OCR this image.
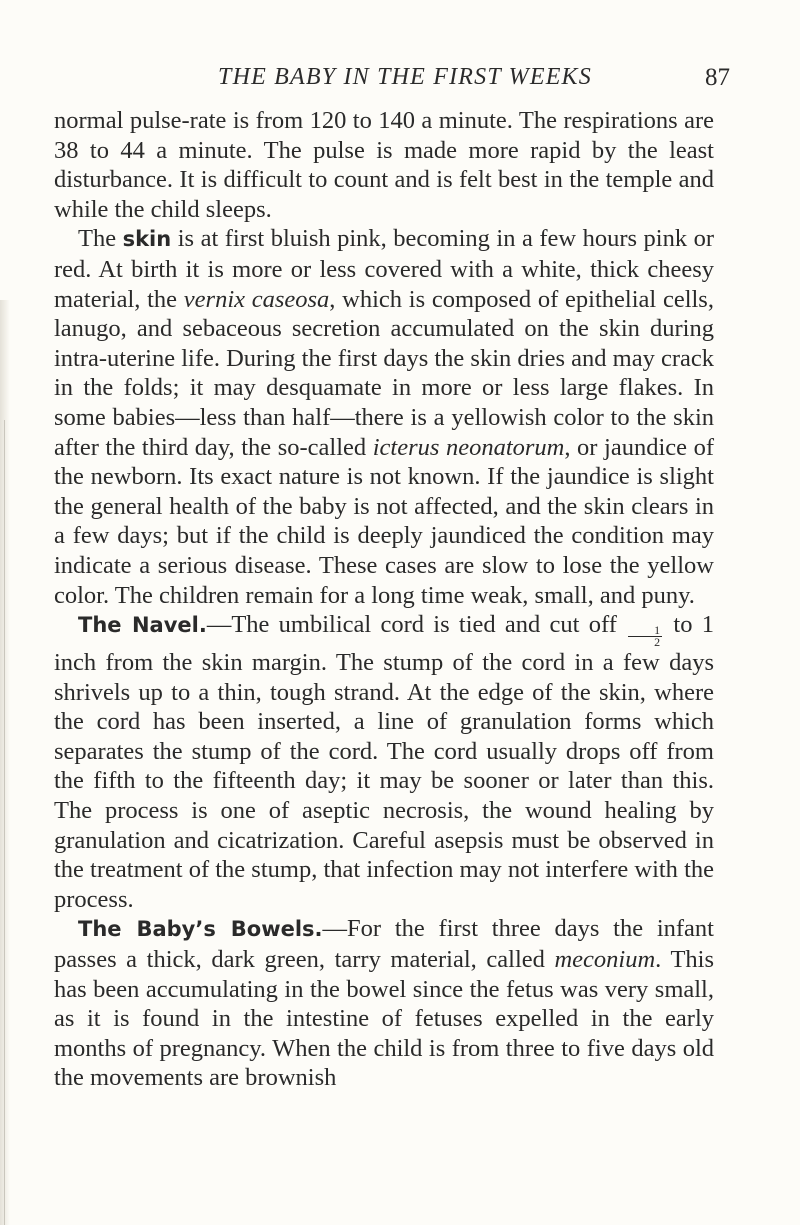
THE BABY IN THE FIRST WEEKS	87

normal pulse-rate is from 120 to 140 a minute. The respirations are 38 to 44 a minute. The pulse is made more rapid by the least disturbance. It is difficult to count and is felt best in the temple and while the child sleeps.

The skin is at first bluish pink, becoming in a few hours pink or red. At birth it is more or less covered with a white, thick cheesy material, the vernix caseosa, which is composed of epithelial cells, lanugo, and sebaceous secretion accumulated on the skin during intra-uterine life. During the first days the skin dries and may crack in the folds; it may desquamate in more or less large flakes. In some babies—less than half—there is a yellowish color to the skin after the third day, the so-called icterus neonatorum, or jaundice of the newborn. Its exact nature is not known. If the jaundice is slight the general health of the baby is not affected, and the skin clears in a few days; but if the child is deeply jaundiced the condition may indicate a serious disease. These cases are slow to lose the yellow color. The children remain for a long time weak, small, and puny.

The Navel.—The umbilical cord is tied and cut off $\frac{1}{2}$ to 1 inch from the skin margin. The stump of the cord in a few days shrivels up to a thin, tough strand. At the edge of the skin, where the cord has been inserted, a line of granulation forms which separates the stump of the cord. The cord usually drops off from the fifth to the fifteenth day; it may be sooner or later than this. The process is one of aseptic necrosis, the wound healing by granulation and cicatrization. Careful asepsis must be observed in the treatment of the stump, that infection may not interfere with the process.

The Baby’s Bowels.—For the first three days the infant passes a thick, dark green, tarry material, called meconium. This has been accumulating in the bowel since the fetus was very small, as it is found in the intestine of fetuses expelled in the early months of pregnancy. When the child is from three to five days old the movements are brownish
